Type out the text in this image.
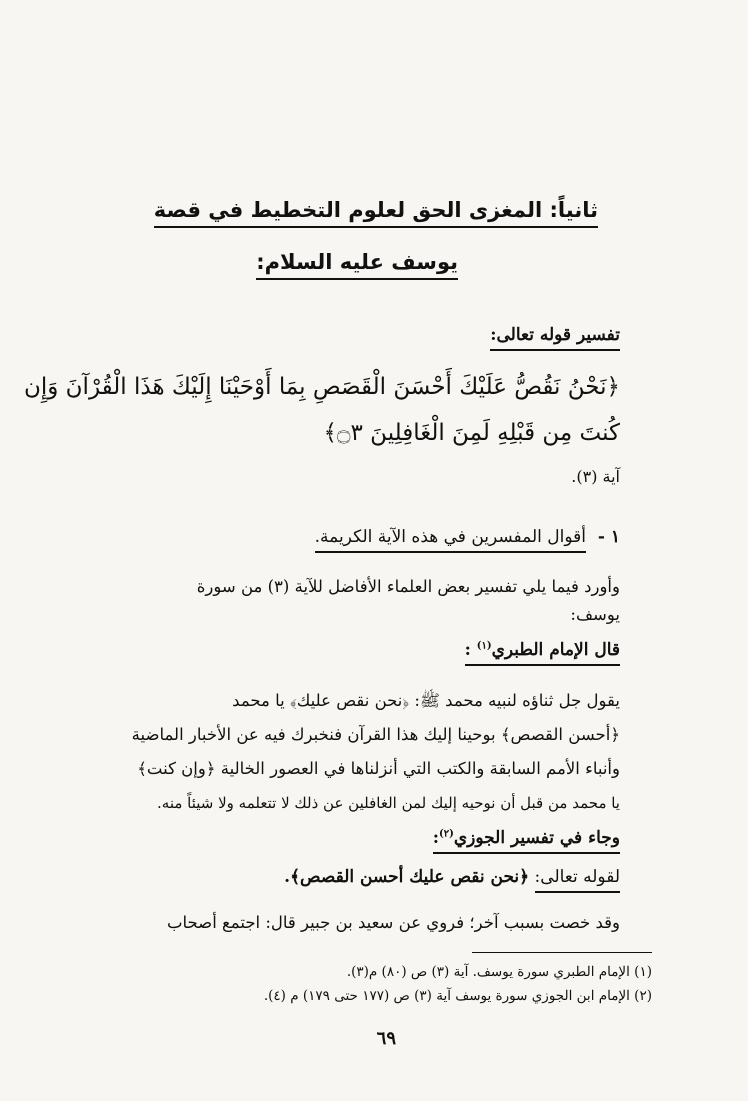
ثانياً: المغزى الحق لعلوم التخطيط في قصة
يوسف عليه السلام:
تفسير قوله تعالى:
﴿نَحْنُ نَقُصُّ عَلَيْكَ أَحْسَنَ الْقَصَصِ بِمَا أَوْحَيْنَا إِلَيْكَ هَذَا الْقُرْآنَ وَإِن
كُنتَ مِن قَبْلِهِ لَمِنَ الْغَافِلِينَ ۝٣﴾
آية (٣).
١ -
أقوال المفسرين في هذه الآية الكريمة.
وأورد فيما يلي تفسير بعض العلماء الأفاضل للآية (٣) من سورة
يوسف:
قال الإمام الطبري$^{(١)}$ :
يقول جل ثناؤه لنبيه محمد ﷺ: ﴿نحن نقص عليك﴾ يا محمد
﴿أحسن القصص﴾ بوحينا إليك هذا القرآن فنخبرك فيه عن الأخبار الماضية
وأنباء الأمم السابقة والكتب التي أنزلناها في العصور الخالية ﴿وإن كنت﴾
يا محمد من قبل أن نوحيه إليك لمن الغافلين عن ذلك لا تتعلمه ولا شيئاً منه.
وجاء في تفسير الجوزي$^{(٢)}$:
لقوله تعالى: ﴿نحن نقص عليك أحسن القصص﴾.
وقد خصت بسبب آخر؛ فروي عن سعيد بن جبير قال: اجتمع أصحاب
(١) الإمام الطبري سورة يوسف. آية (٣) ص (٨٠) م(٣).
(٢) الإمام ابن الجوزي سورة يوسف آية (٣) ص (١٧٧ حتى ١٧٩) م (٤).
٦٩
